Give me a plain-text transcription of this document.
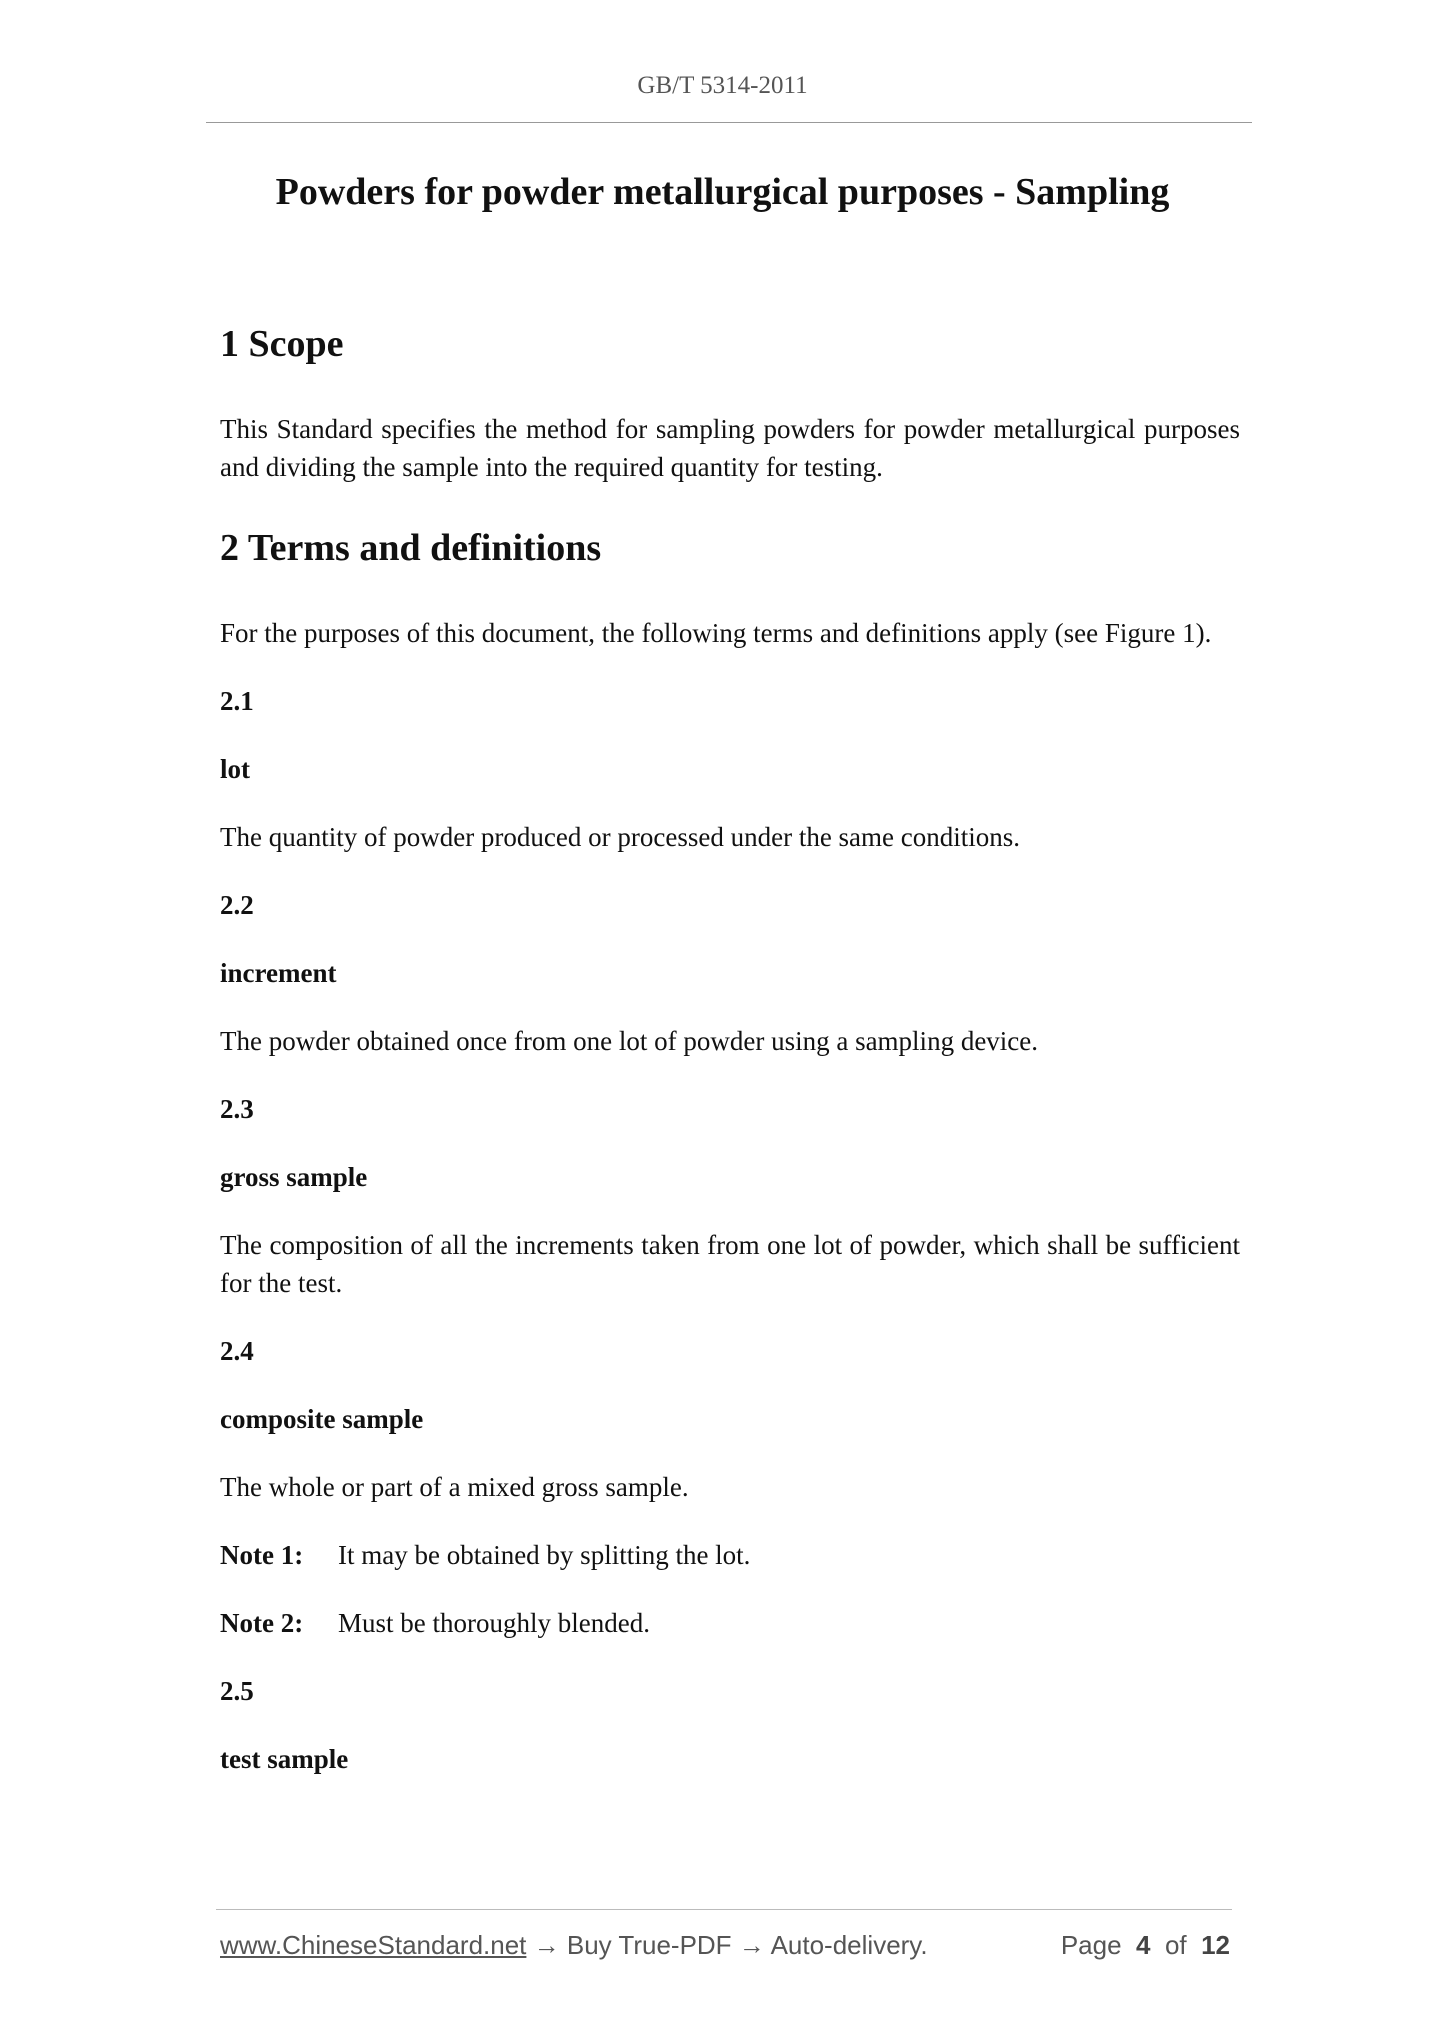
GB/T 5314-2011
Powders for powder metallurgical purposes - Sampling
1 Scope

This Standard specifies the method for sampling powders for powder metallurgical purposes and dividing the sample into the required quantity for testing.

2 Terms and definitions

For the purposes of this document, the following terms and definitions apply (see Figure 1).

2.1

lot

The quantity of powder produced or processed under the same conditions.

2.2

increment

The powder obtained once from one lot of powder using a sampling device.

2.3

gross sample

The composition of all the increments taken from one lot of powder, which shall be sufficient for the test.

2.4

composite sample

The whole or part of a mixed gross sample.

Note 1:	It may be obtained by splitting the lot.

Note 2:	Must be thoroughly blended.

2.5

test sample

www.ChineseStandard.net → Buy True-PDF → Auto-delivery.	Page 4 of 12
